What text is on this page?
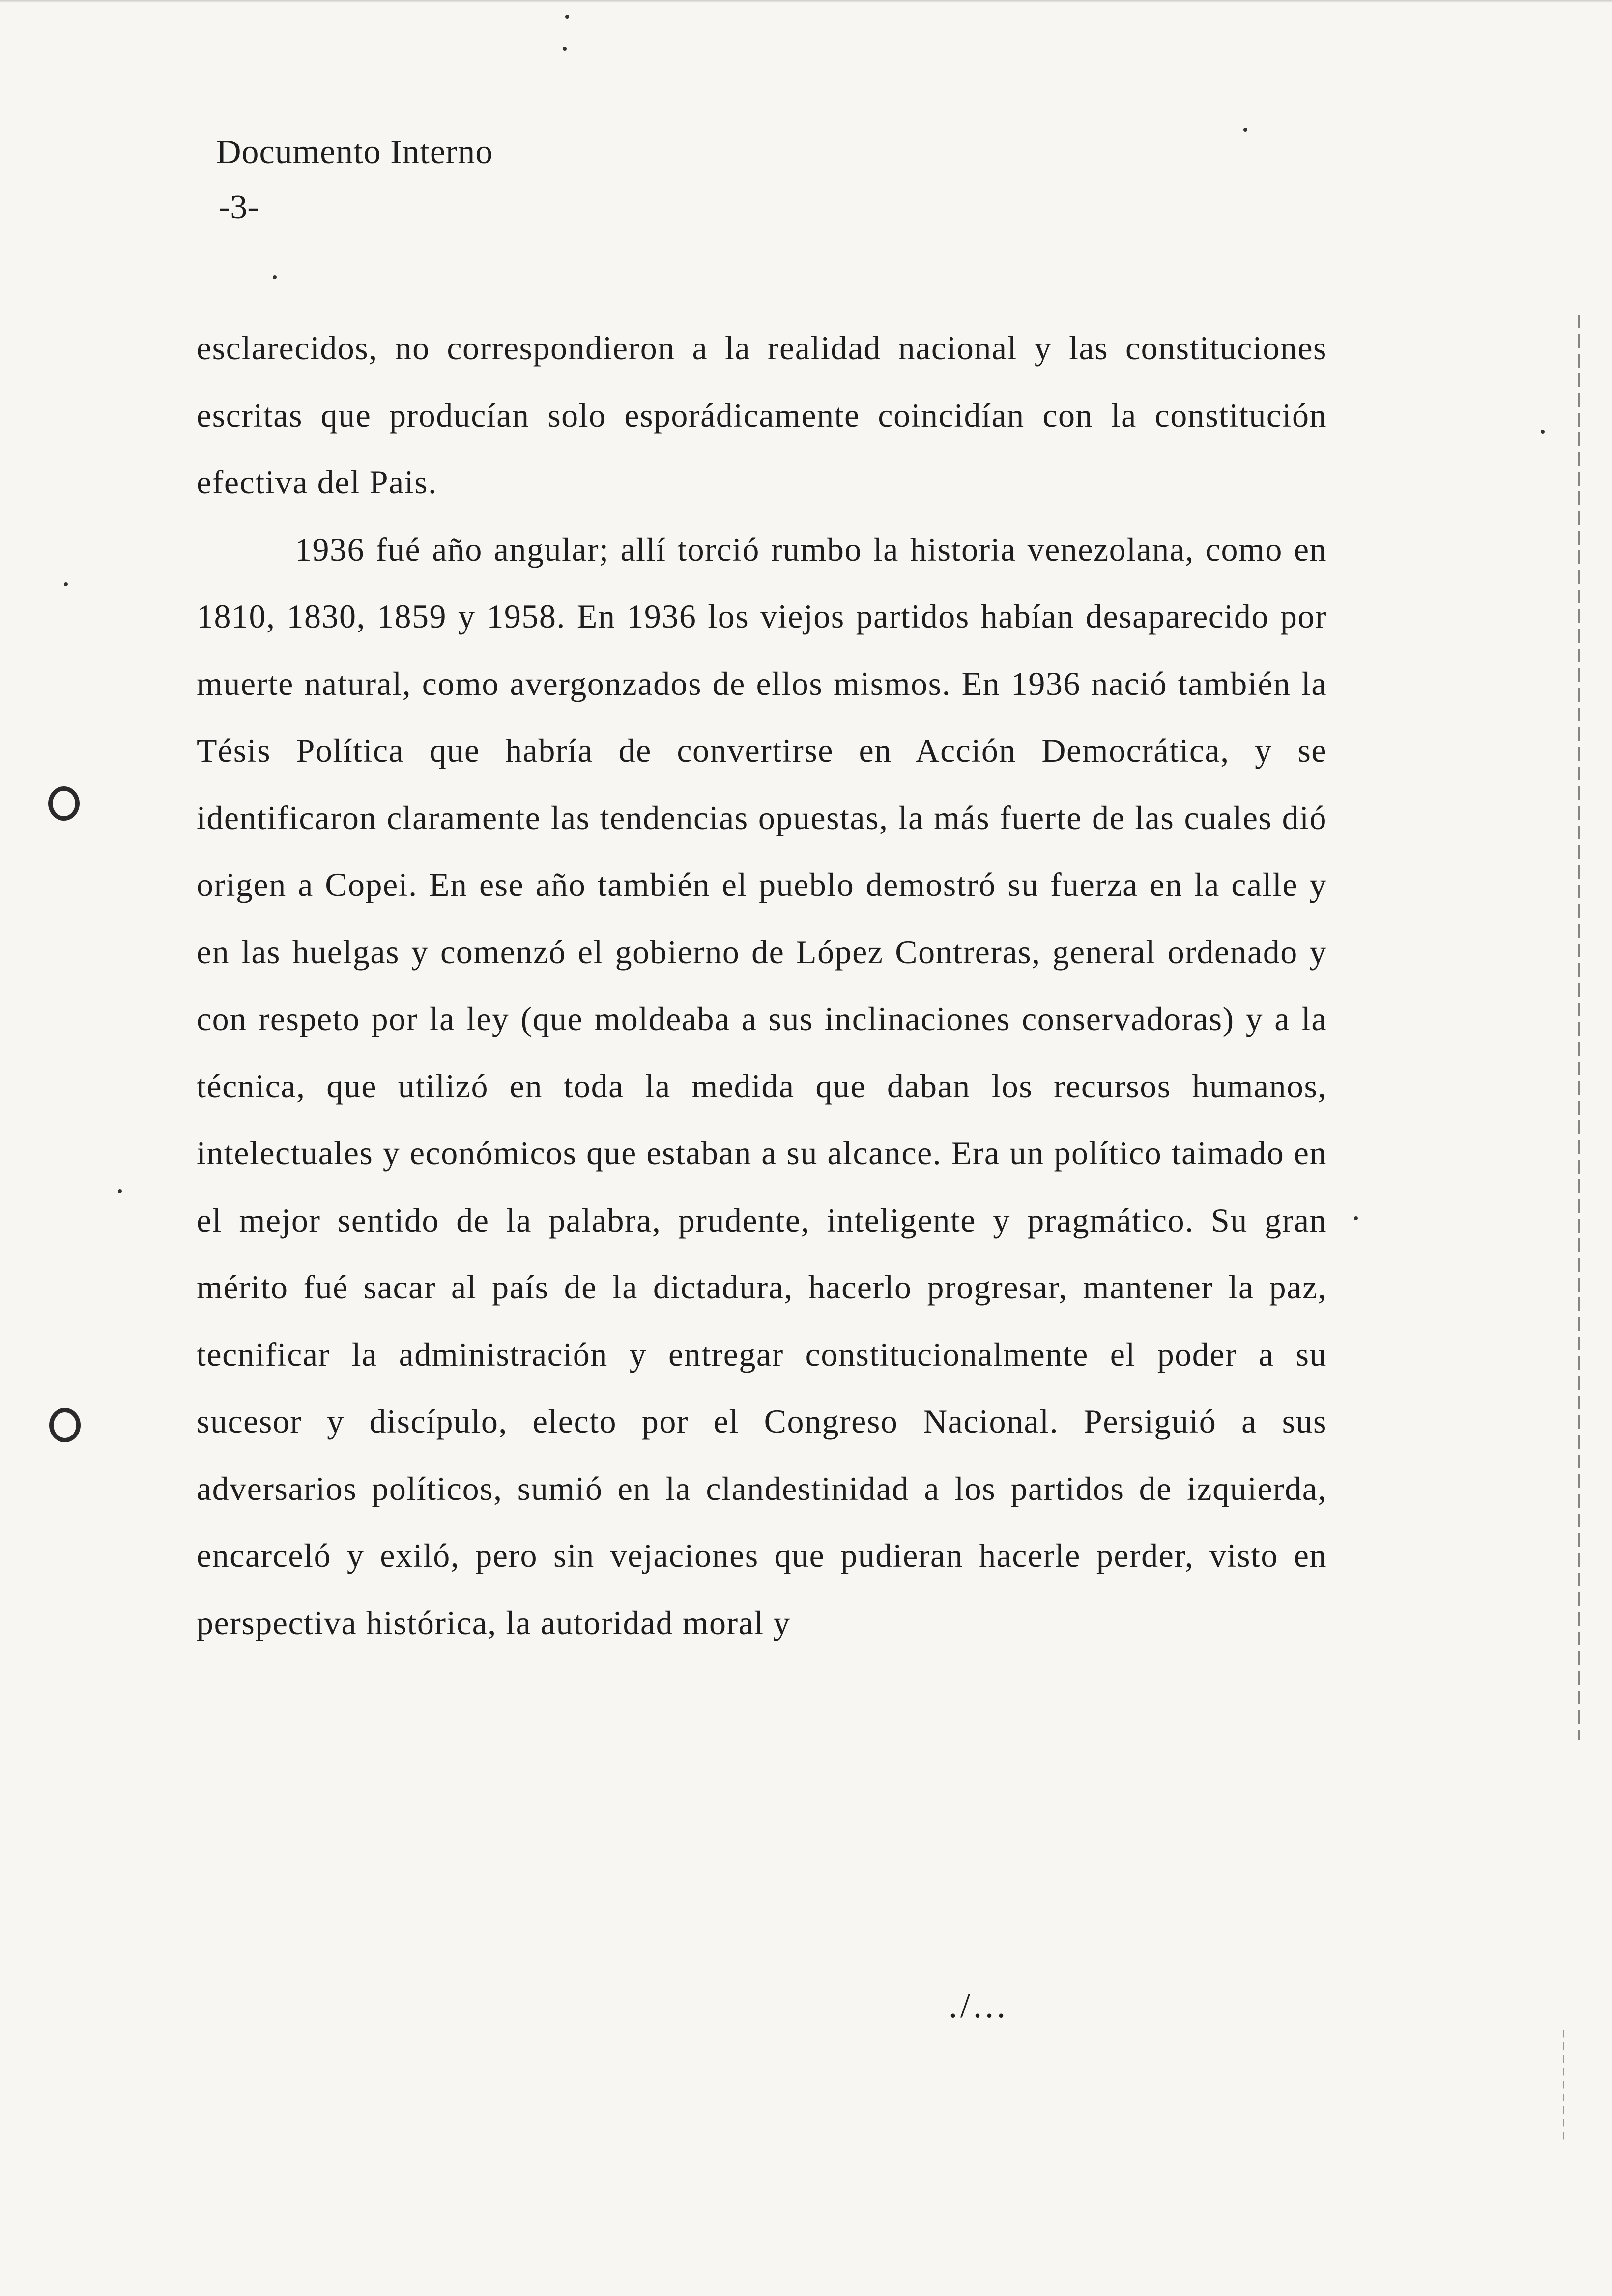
Documento Interno
-3-

esclarecidos, no correspondieron a la realidad nacional y las constituciones escritas que producían solo esporádicamente coincidían con la constitución efectiva del Pais.

1936 fué año angular; allí torció rumbo la historia venezolana, como en 1810, 1830, 1859 y 1958. En 1936 los viejos partidos habían desaparecido por muerte natural, como avergonzados de ellos mismos. En 1936 nació también la Tésis Política que habría de convertirse en Acción Democrática, y se identificaron claramente las tendencias opuestas, la más fuerte de las cuales dió origen a Copei. En ese año también el pueblo demostró su fuerza en la calle y en las huelgas y comenzó el gobierno de López Contreras, general ordenado y con respeto por la ley (que moldeaba a sus inclinaciones conservadoras) y a la técnica, que utilizó en toda la medida que daban los recursos humanos, intelectuales y económicos que estaban a su alcance. Era un político taimado en el mejor sentido de la palabra, prudente, inteligente y pragmático. Su gran mérito fué sacar al país de la dictadura, hacerlo progresar, mantener la paz, tecnificar la administración y entregar constitucionalmente el poder a su sucesor y discípulo, electo por el Congreso Nacional. Persiguió a sus adversarios políticos, sumió en la clandestinidad a los partidos de izquierda, encarceló y exiló, pero sin vejaciones que pudieran hacerle perder, visto en perspectiva histórica, la autoridad moral y

./...
